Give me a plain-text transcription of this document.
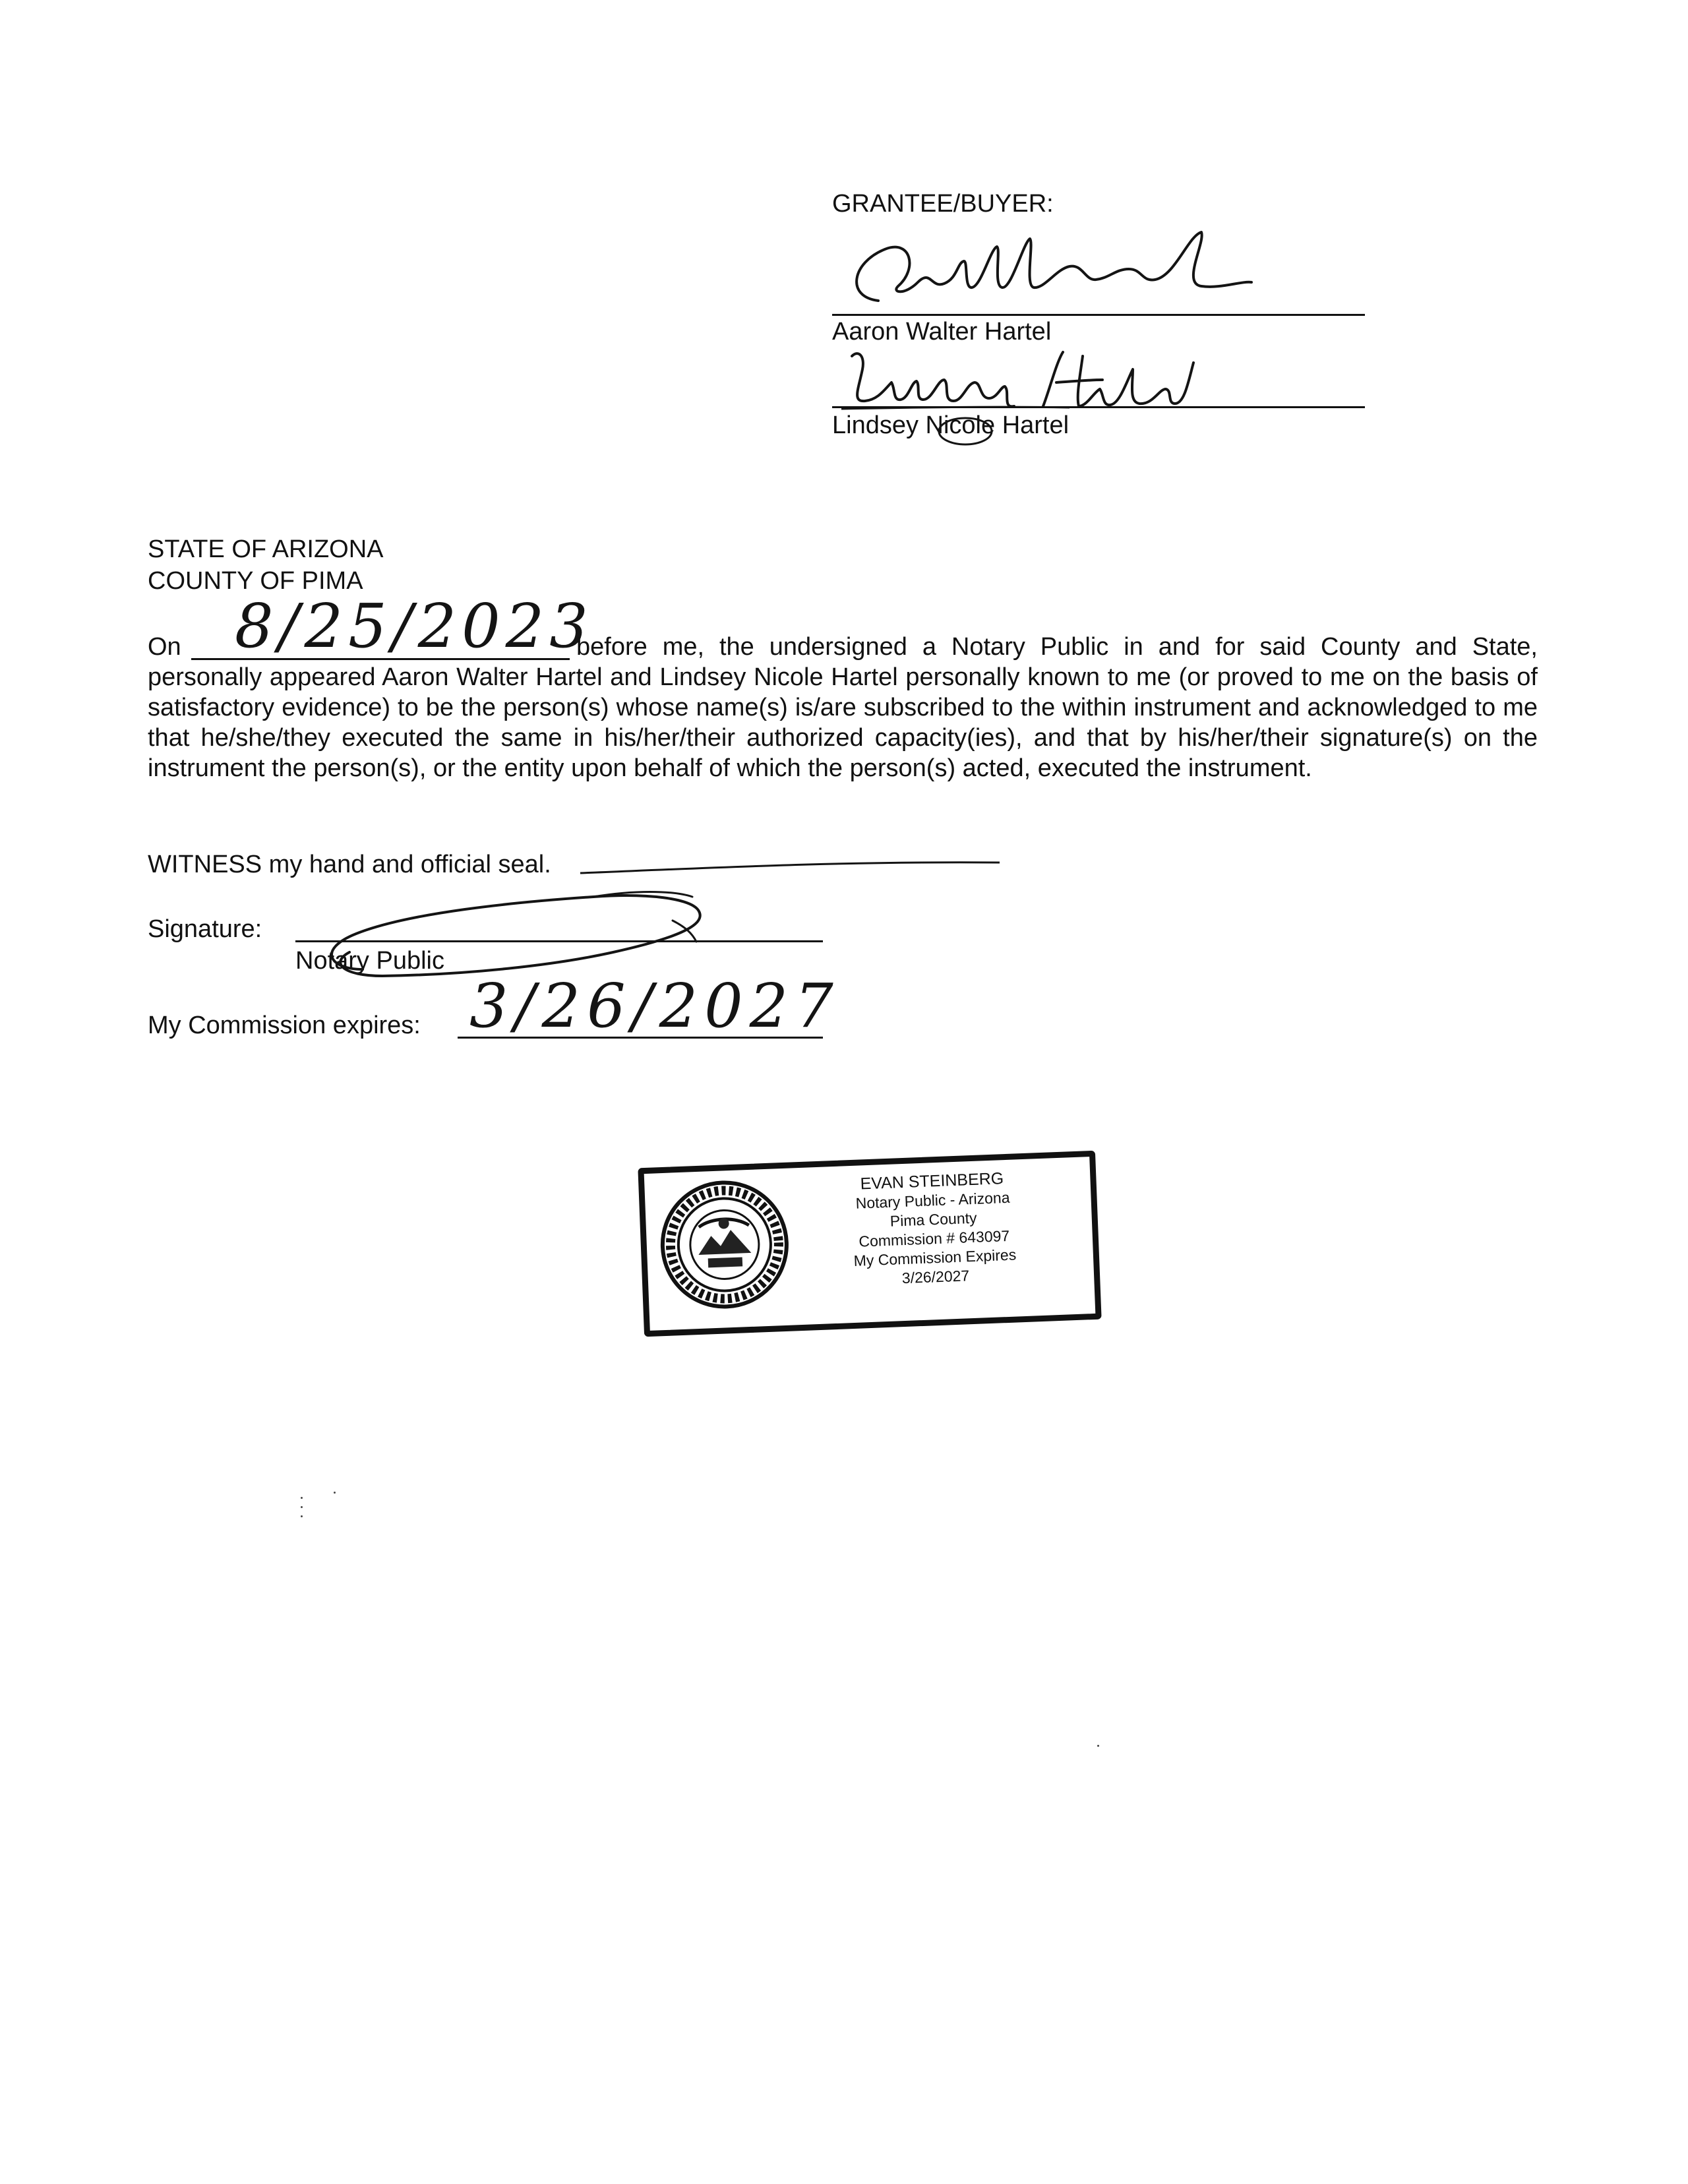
GRANTEE/BUYER:
Aaron Walter Hartel
Lindsey Nicole Hartel
STATE OF ARIZONA
COUNTY OF PIMA
On 8/25/2023
before me, the undersigned a Notary Public in and for said County and State, personally appeared Aaron Walter Hartel and Lindsey Nicole Hartel personally known to me (or proved to me on the basis of satisfactory evidence) to be the person(s) whose name(s) is/are subscribed to the within instrument and acknowledged to me that he/she/they executed the same in his/her/their authorized capacity(ies), and that by his/her/their signature(s) on the instrument the person(s), or the entity upon behalf of which the person(s) acted, executed the instrument.
WITNESS my hand and official seal.
Signature:
Notary Public
My Commission expires: 3/26/2027
EVAN STEINBERG
Notary Public - Arizona
Pima County
Commission # 643097
My Commission Expires
3/26/2027
